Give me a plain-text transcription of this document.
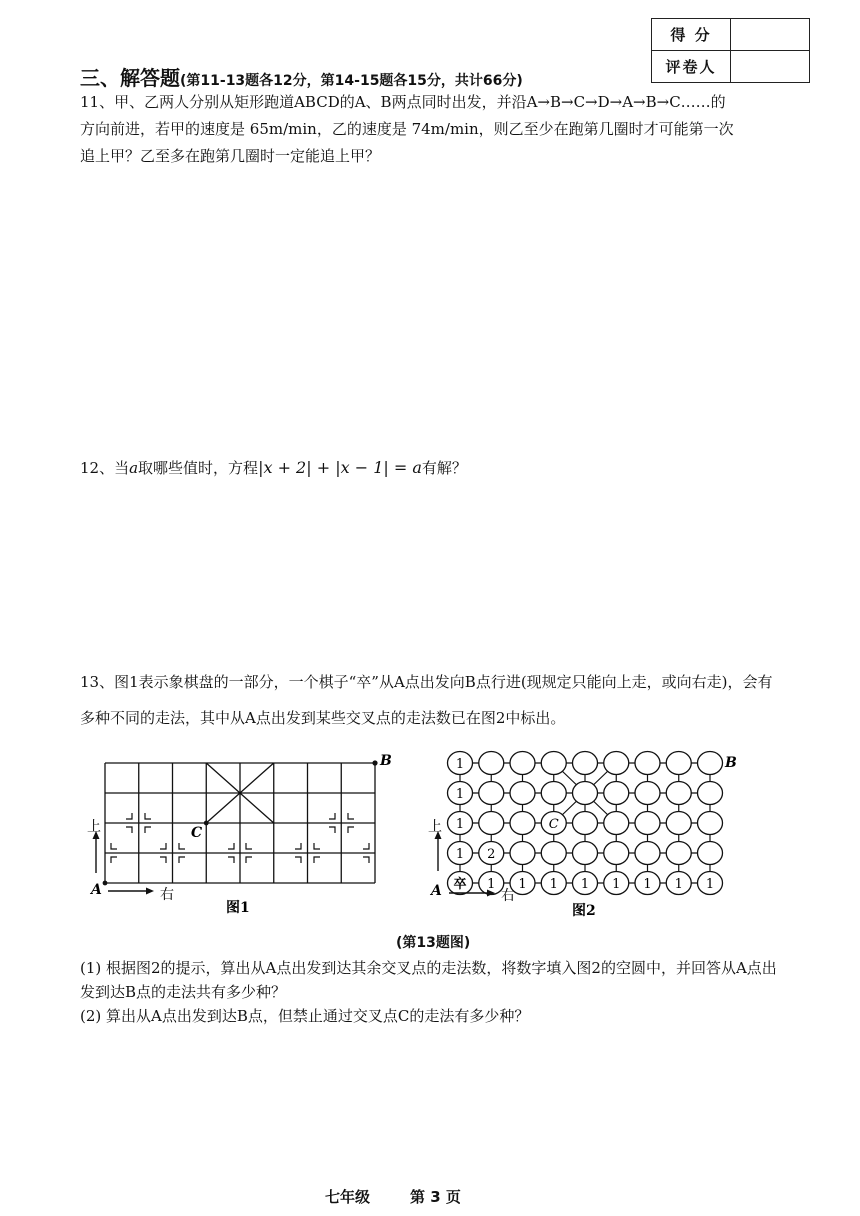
得 分	
评卷人	
三、解答题(第11-13题各12分，第14-15题各15分，共计66分)
11、甲、乙两人分别从矩形跑道ABCD的A、B两点同时出发，并沿A→B→C→D→A→B→C……的
方向前进，若甲的速度是 65m/min，乙的速度是 74m/min，则乙至少在跑第几圈时才可能第一次
追上甲？乙至多在跑第几圈时一定能追上甲？
12、当a取哪些值时，方程|x + 2| + |x − 1| = a有解？
13、图1表示象棋盘的一部分，一个棋子“卒”从A点出发向B点行进(现规定只能向上走，或向右走)，会有
多种不同的走法，其中从A点出发到某些交叉点的走法数已在图2中标出。
B
C
A
上
右
图1
1
1
1
1 2
卒 1 1 1 1 1 1 1 1
C
B
A
上
右
图2
(第13题图)
(1) 根据图2的提示，算出从A点出发到达其余交叉点的走法数，将数字填入图2的空圆中，并回答从A点出
发到达B点的走法共有多少种？
(2) 算出从A点出发到达B点，但禁止通过交叉点C的走法有多少种？
七年级	第 3 页
